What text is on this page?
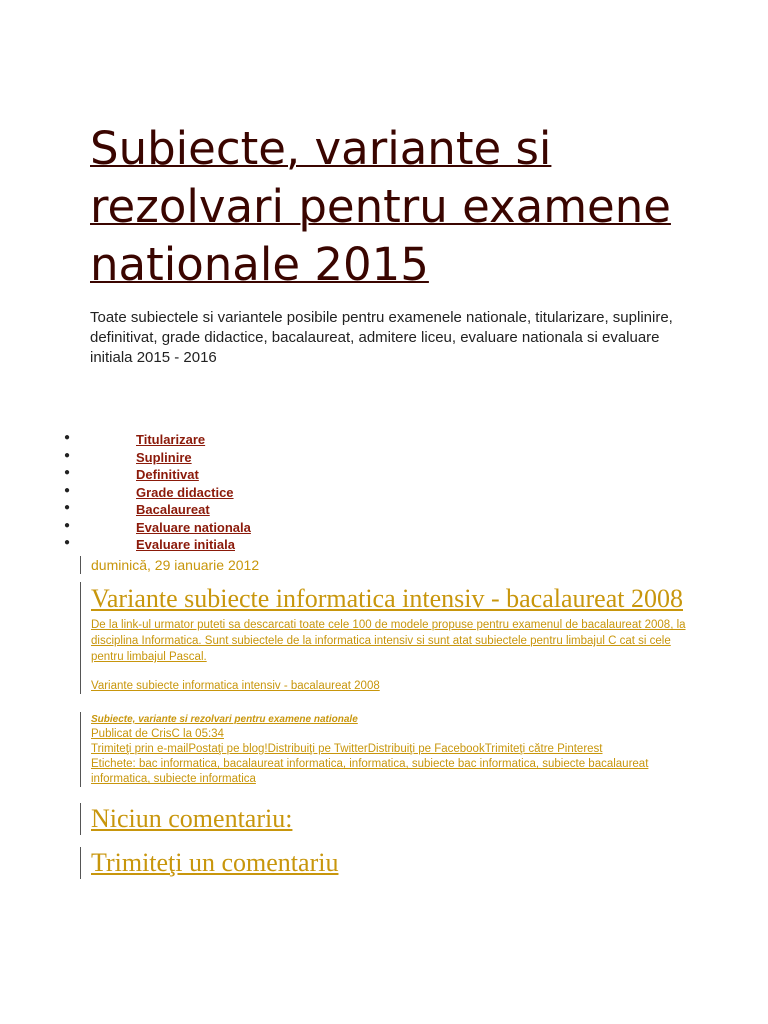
Subiecte, variante si rezolvari pentru examene nationale 2015

Toate subiectele si variantele posibile pentru examenele nationale, titularizare, suplinire, definitivat, grade didactice, bacalaureat, admitere liceu, evaluare nationala si evaluare initiala 2015 - 2016

●	Titularizare
●	Suplinire
●	Definitivat
●	Grade didactice
●	Bacalaureat
●	Evaluare nationala
●	Evaluare initiala
duminică, 29 ianuarie 2012
Variante subiecte informatica intensiv - bacalaureat 2008
De la link-ul urmator puteti sa descarcati toate cele 100 de modele propuse pentru examenul de bacalaureat 2008, la disciplina Informatica. Sunt subiectele de la informatica intensiv si sunt atat subiectele pentru limbajul C cat si cele pentru limbajul Pascal.
Variante subiecte informatica intensiv - bacalaureat 2008
Subiecte, variante si rezolvari pentru examene nationale
Publicat de CrisC la 05:34
Trimiteţi prin e-mailPostaţi pe blog!Distribuiţi pe TwitterDistribuiţi pe FacebookTrimiteţi către Pinterest
Etichete: bac informatica, bacalaureat informatica, informatica, subiecte bac informatica, subiecte bacalaureat informatica, subiecte informatica
Niciun comentariu:
Trimiteţi un comentariu
